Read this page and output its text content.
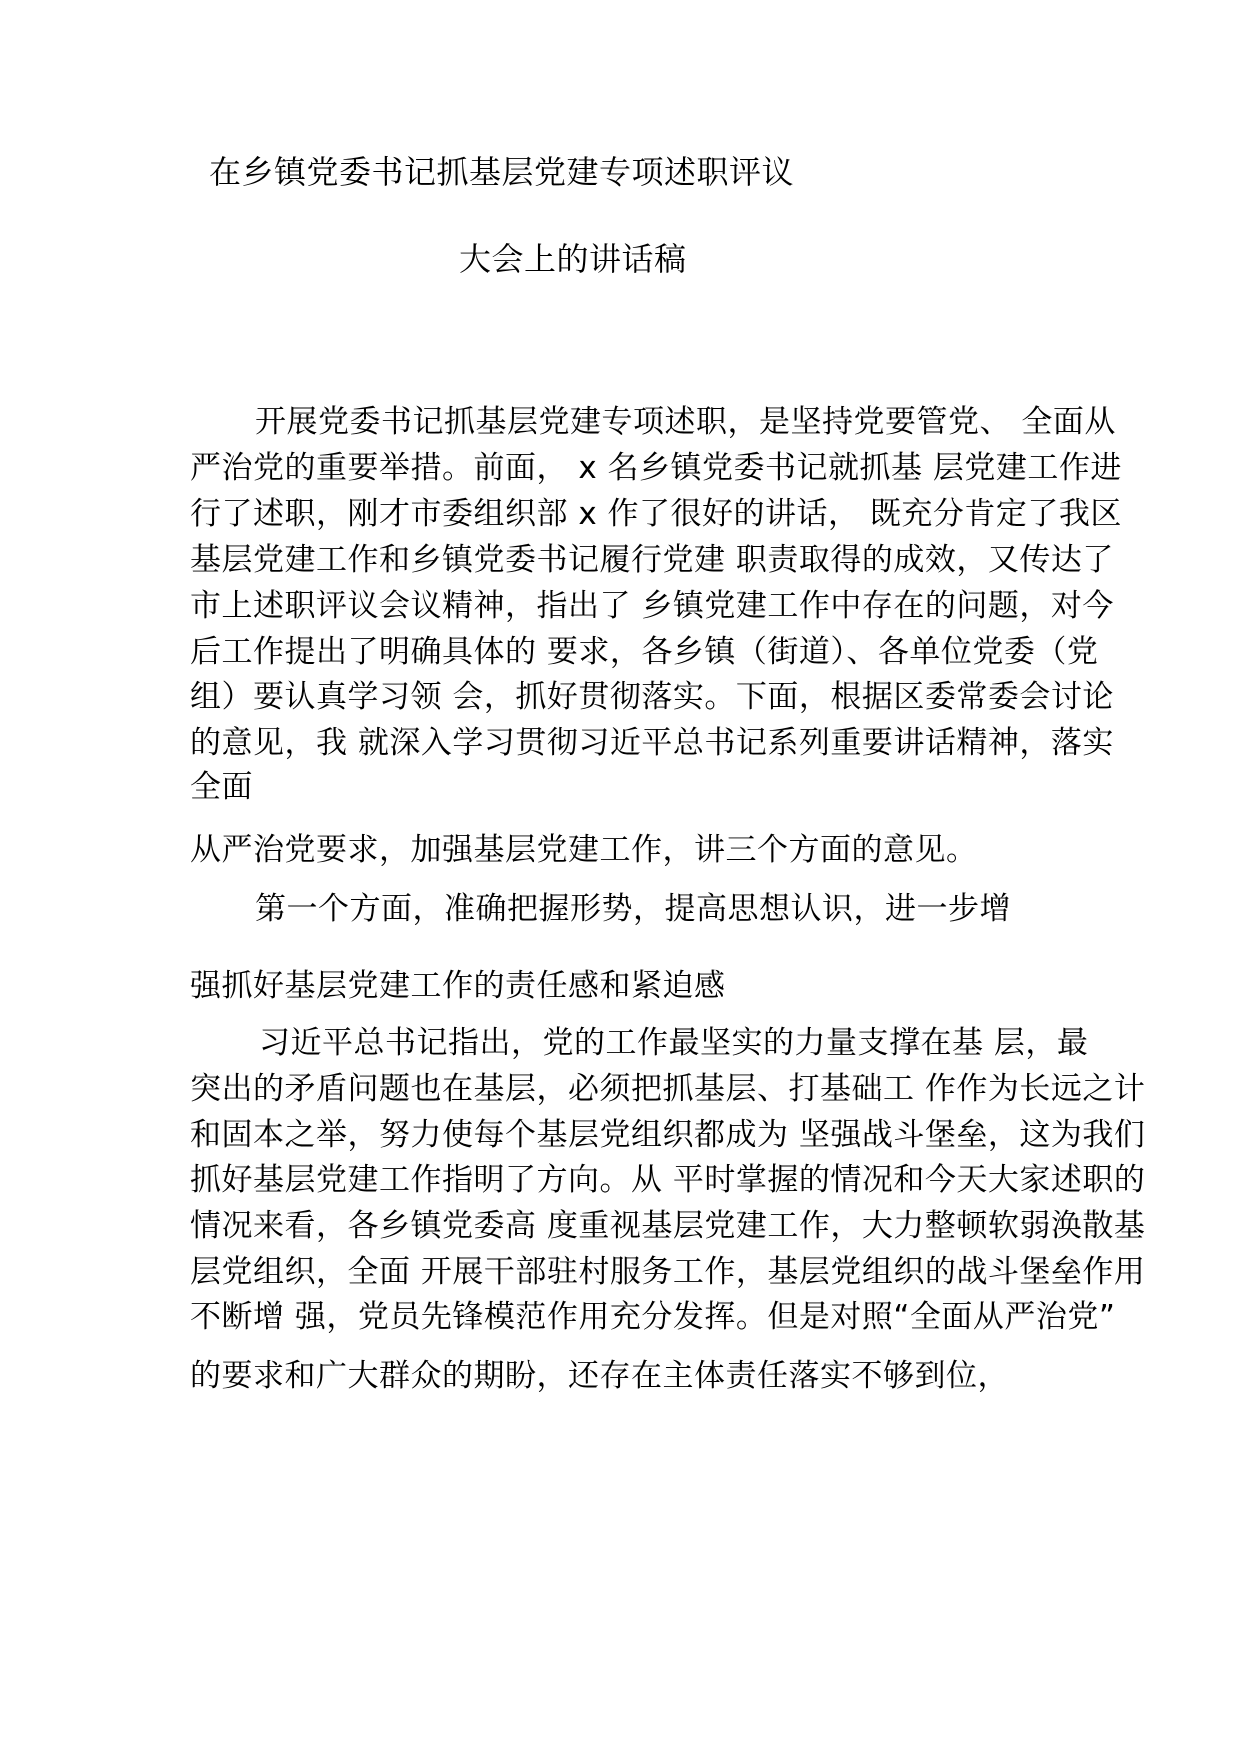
在乡镇党委书记抓基层党建专项述职评议
大会上的讲话稿
开展党委书记抓基层党建专项述职，是坚持党要管党、 全面从
严治党的重要举措。前面， x 名乡镇党委书记就抓基 层党建工作进
行了述职，刚才市委组织部 x 作了很好的讲话， 既充分肯定了我区
基层党建工作和乡镇党委书记履行党建 职责取得的成效，又传达了
市上述职评议会议精神，指出了 乡镇党建工作中存在的问题，对今
后工作提出了明确具体的 要求，各乡镇（街道）、各单位党委（党
组）要认真学习领 会，抓好贯彻落实。下面，根据区委常委会讨论
的意见，我 就深入学习贯彻习近平总书记系列重要讲话精神，落实
全面
从严治党要求，加强基层党建工作，讲三个方面的意见。
第一个方面，准确把握形势，提高思想认识，进一步增
强抓好基层党建工作的责任感和紧迫感
习近平总书记指出，党的工作最坚实的力量支撑在基 层，最
突出的矛盾问题也在基层，必须把抓基层、打基础工 作作为长远之计
和固本之举，努力使每个基层党组织都成为 坚强战斗堡垒，这为我们
抓好基层党建工作指明了方向。从 平时掌握的情况和今天大家述职的
情况来看，各乡镇党委高 度重视基层党建工作，大力整顿软弱涣散基
层党组织，全面 开展干部驻村服务工作，基层党组织的战斗堡垒作用
不断增 强，党员先锋模范作用充分发挥。但是对照“全面从严治党”
的要求和广大群众的期盼，还存在主体责任落实不够到位，
